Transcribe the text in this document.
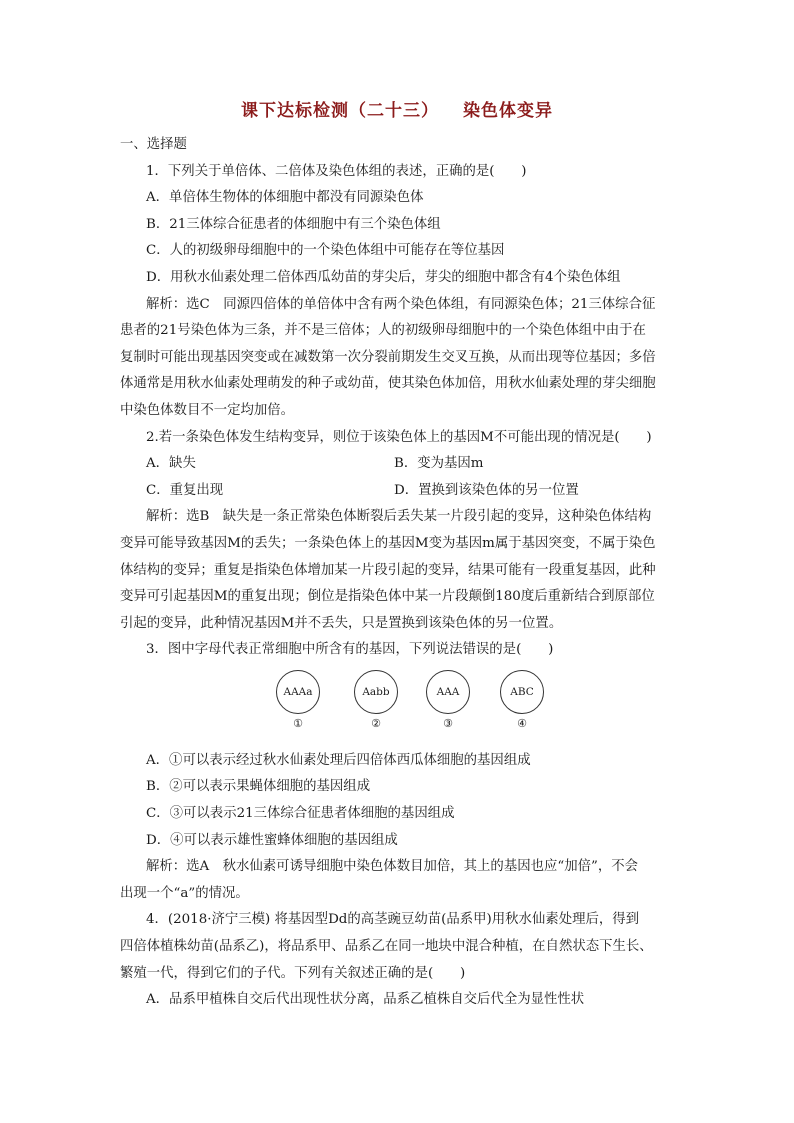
课下达标检测（二十三） 染色体变异
一、选择题
1．下列关于单倍体、二倍体及染色体组的表述，正确的是(　　)
A．单倍体生物体的体细胞中都没有同源染色体
B．21三体综合征患者的体细胞中有三个染色体组
C．人的初级卵母细胞中的一个染色体组中可能存在等位基因
D．用秋水仙素处理二倍体西瓜幼苗的芽尖后，芽尖的细胞中都含有4个染色体组
解析：选C　同源四倍体的单倍体中含有两个染色体组，有同源染色体；21三体综合征
患者的21号染色体为三条，并不是三倍体；人的初级卵母细胞中的一个染色体组中由于在
复制时可能出现基因突变或在减数第一次分裂前期发生交叉互换，从而出现等位基因；多倍
体通常是用秋水仙素处理萌发的种子或幼苗，使其染色体加倍，用秋水仙素处理的芽尖细胞
中染色体数目不一定均加倍。
2.若一条染色体发生结构变异，则位于该染色体上的基因M不可能出现的情况是(　　)
A．缺失	B．变为基因m
C．重复出现	D．置换到该染色体的另一位置
解析：选B　缺失是一条正常染色体断裂后丢失某一片段引起的变异，这种染色体结构
变异可能导致基因M的丢失；一条染色体上的基因M变为基因m属于基因突变，不属于染色
体结构的变异；重复是指染色体增加某一片段引起的变异，结果可能有一段重复基因，此种
变异可引起基因M的重复出现；倒位是指染色体中某一片段颠倒180度后重新结合到原部位
引起的变异，此种情况基因M并不丢失，只是置换到该染色体的另一位置。
3．图中字母代表正常细胞中所含有的基因，下列说法错误的是(　　)
AAAa
①
Aabb
②
AAA
③
ABC
④
A．①可以表示经过秋水仙素处理后四倍体西瓜体细胞的基因组成
B．②可以表示果蝇体细胞的基因组成
C．③可以表示21三体综合征患者体细胞的基因组成
D．④可以表示雄性蜜蜂体细胞的基因组成
解析：选A　秋水仙素可诱导细胞中染色体数目加倍，其上的基因也应“加倍”，不会
出现一个“a”的情况。
4．(2018·济宁三模) 将基因型Dd的高茎豌豆幼苗(品系甲)用秋水仙素处理后，得到
四倍体植株幼苗(品系乙)，将品系甲、品系乙在同一地块中混合种植，在自然状态下生长、
繁殖一代，得到它们的子代。下列有关叙述正确的是(　　)
A．品系甲植株自交后代出现性状分离，品系乙植株自交后代全为显性性状
